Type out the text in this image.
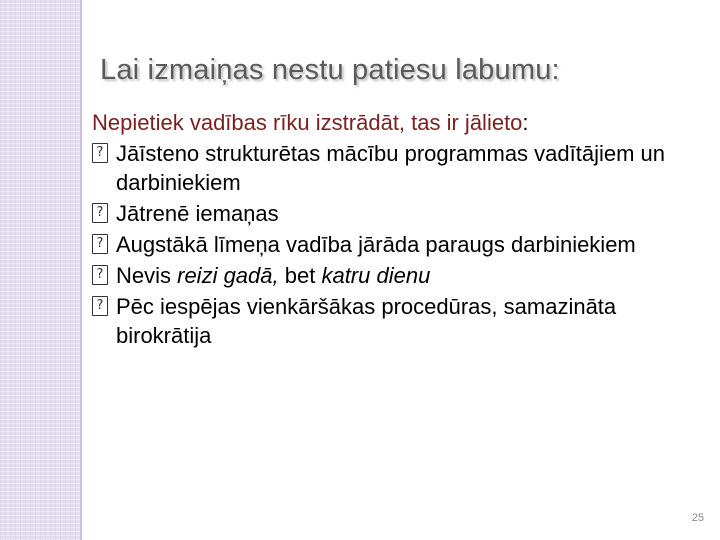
Lai izmaiņas nestu patiesu labumu:

Nepietiek vadības rīku izstrādāt, tas ir jālieto:

?
Jāīsteno strukturētas mācību programmas vadītājiem un darbiniekiem
?
Jātrenē iemaņas
?
Augstākā līmeņa vadība jārāda paraugs darbiniekiem
?
Nevis reizi gadā, bet katru dienu
?
Pēc iespējas vienkāršākas procedūras, samazināta birokrātija
25
